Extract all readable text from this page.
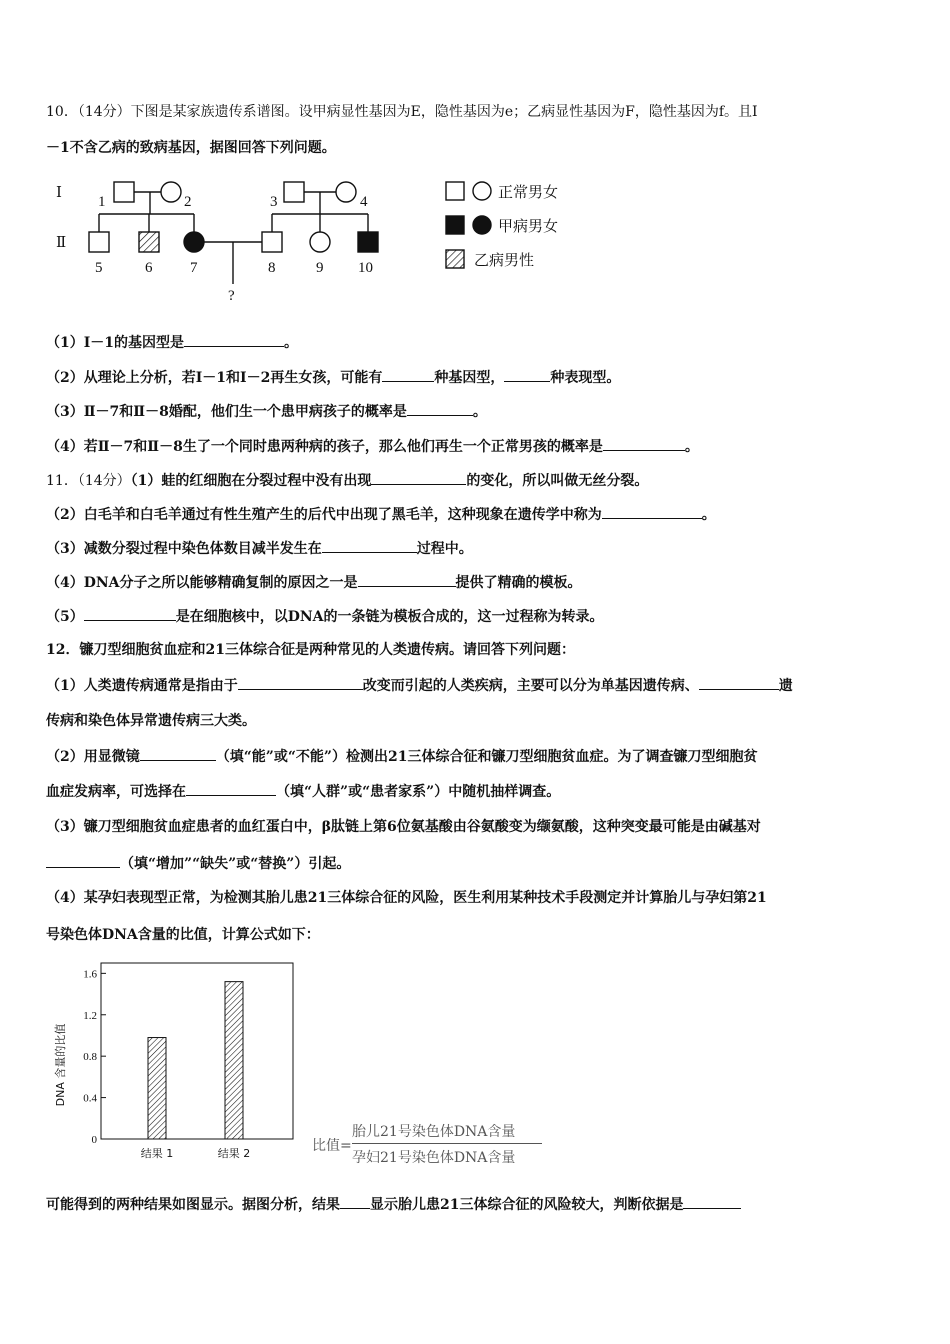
10．（14分）下图是某家族遗传系谱图。设甲病显性基因为E，隐性基因为e；乙病显性基因为F，隐性基因为f。且Ⅰ
－1不含乙病的致病基因，据图回答下列问题。
Ⅰ
Ⅱ
1	2	3	4
5	6	7	8	9 10
?
正常男女
甲病男女
乙病男性
（1）Ⅰ－1的基因型是	。
（2）从理论上分析，若Ⅰ－1和Ⅰ－2再生女孩，可能有	种基因型，	种表现型。
（3）Ⅱ－7和Ⅱ－8婚配，他们生一个患甲病孩子的概率是	。
（4）若Ⅱ－7和Ⅱ－8生了一个同时患两种病的孩子，那么他们再生一个正常男孩的概率是	。
11．（14分）（1）蛙的红细胞在分裂过程中没有出现	的变化，所以叫做无丝分裂。
（2）白毛羊和白毛羊通过有性生殖产生的后代中出现了黑毛羊，这种现象在遗传学中称为	。
（3）减数分裂过程中染色体数目减半发生在	过程中。
（4）DNA分子之所以能够精确复制的原因之一是	提供了精确的模板。
（5）	是在细胞核中，以DNA的一条链为模板合成的，这一过程称为转录。
12．镰刀型细胞贫血症和21三体综合征是两种常见的人类遗传病。请回答下列问题：
（1）人类遗传病通常是指由于	改变而引起的人类疾病，主要可以分为单基因遗传病、	遗
传病和染色体异常遗传病三大类。
（2）用显微镜	（填“能”或“不能”）检测出21三体综合征和镰刀型细胞贫血症。为了调查镰刀型细胞贫
血症发病率，可选择在	（填“人群”或“患者家系”）中随机抽样调查。
（3）镰刀型细胞贫血症患者的血红蛋白中，β肽链上第6位氨基酸由谷氨酸变为缬氨酸，这种突变最可能是由碱基对
（填“增加”“缺失”或“替换”）引起。
（4）某孕妇表现型正常，为检测其胎儿患21三体综合征的风险，医生利用某种技术手段测定并计算胎儿与孕妇第21
号染色体DNA含量的比值，计算公式如下：
0
0.4
0.8
1.2
1.6
结果 1	结果 2
DNA 含量的比值
比值=
胎儿21号染色体DNA含量
孕妇21号染色体DNA含量
可能得到的两种结果如图显示。据图分析，结果 显示胎儿患21三体综合征的风险较大，判断依据是
